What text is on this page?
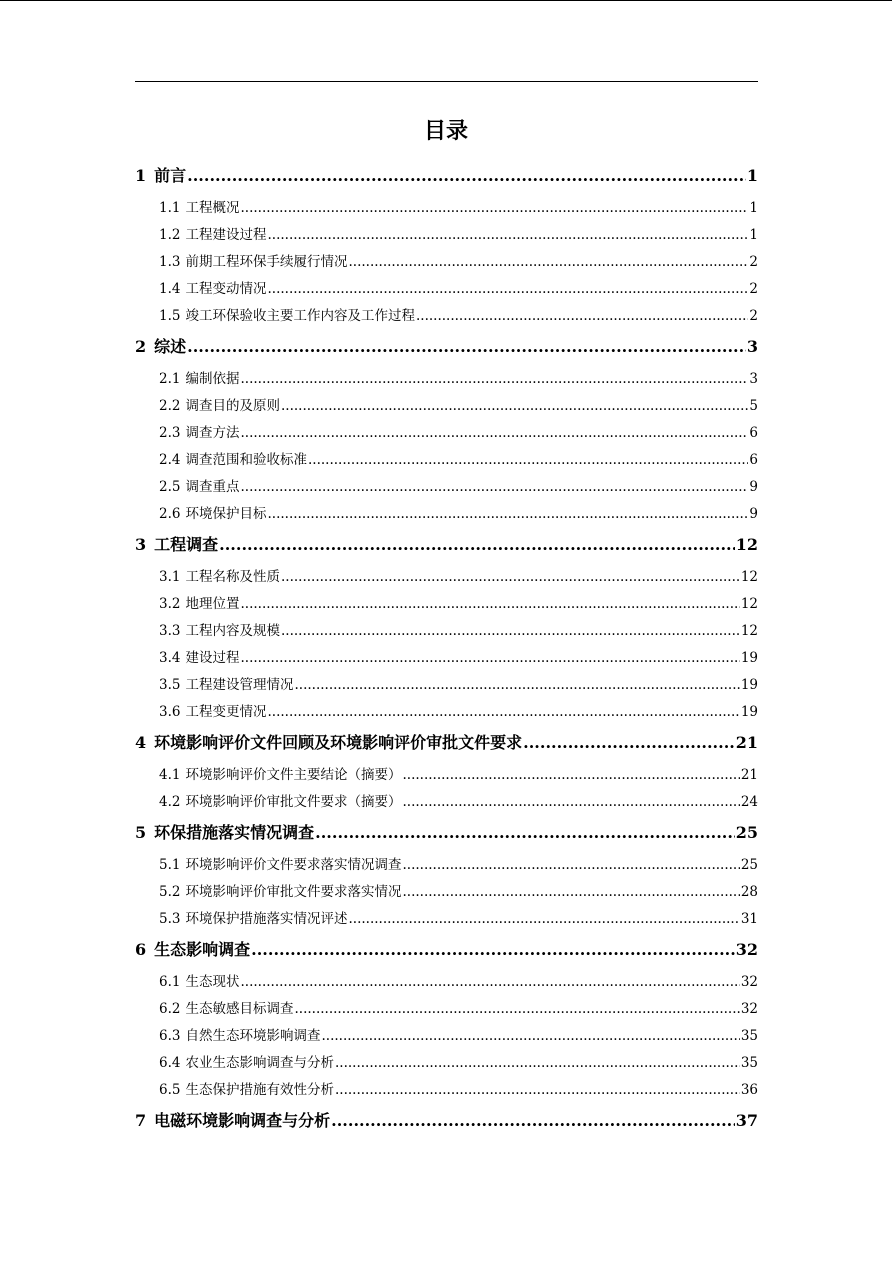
目录
1 前言 .....	1
1.1 工程概况 .....	1
1.2 工程建设过程 .....	1
1.3 前期工程环保手续履行情况 .....	2
1.4 工程变动情况 .....	2
1.5 竣工环保验收主要工作内容及工作过程 .....	2
2 综述 .....	3
2.1 编制依据 .....	3
2.2 调查目的及原则 .....	5
2.3 调查方法 .....	6
2.4 调查范围和验收标准 .....	6
2.5 调查重点 .....	9
2.6 环境保护目标 .....	9
3 工程调查 .....	12
3.1 工程名称及性质 .....	12
3.2 地理位置 .....	12
3.3 工程内容及规模 .....	12
3.4 建设过程 .....	19
3.5 工程建设管理情况 .....	19
3.6 工程变更情况 .....	19
4 环境影响评价文件回顾及环境影响评价审批文件要求 .....	21
4.1 环境影响评价文件主要结论（摘要） .....	21
4.2 环境影响评价审批文件要求（摘要） .....	24
5 环保措施落实情况调查 .....	25
5.1 环境影响评价文件要求落实情况调查 .....	25
5.2 环境影响评价审批文件要求落实情况 .....	28
5.3 环境保护措施落实情况评述 .....	31
6 生态影响调查 .....	32
6.1 生态现状 .....	32
6.2 生态敏感目标调查 .....	32
6.3 自然生态环境影响调查 .....	35
6.4 农业生态影响调查与分析 .....	35
6.5 生态保护措施有效性分析 .....	36
7 电磁环境影响调查与分析 .....	37
